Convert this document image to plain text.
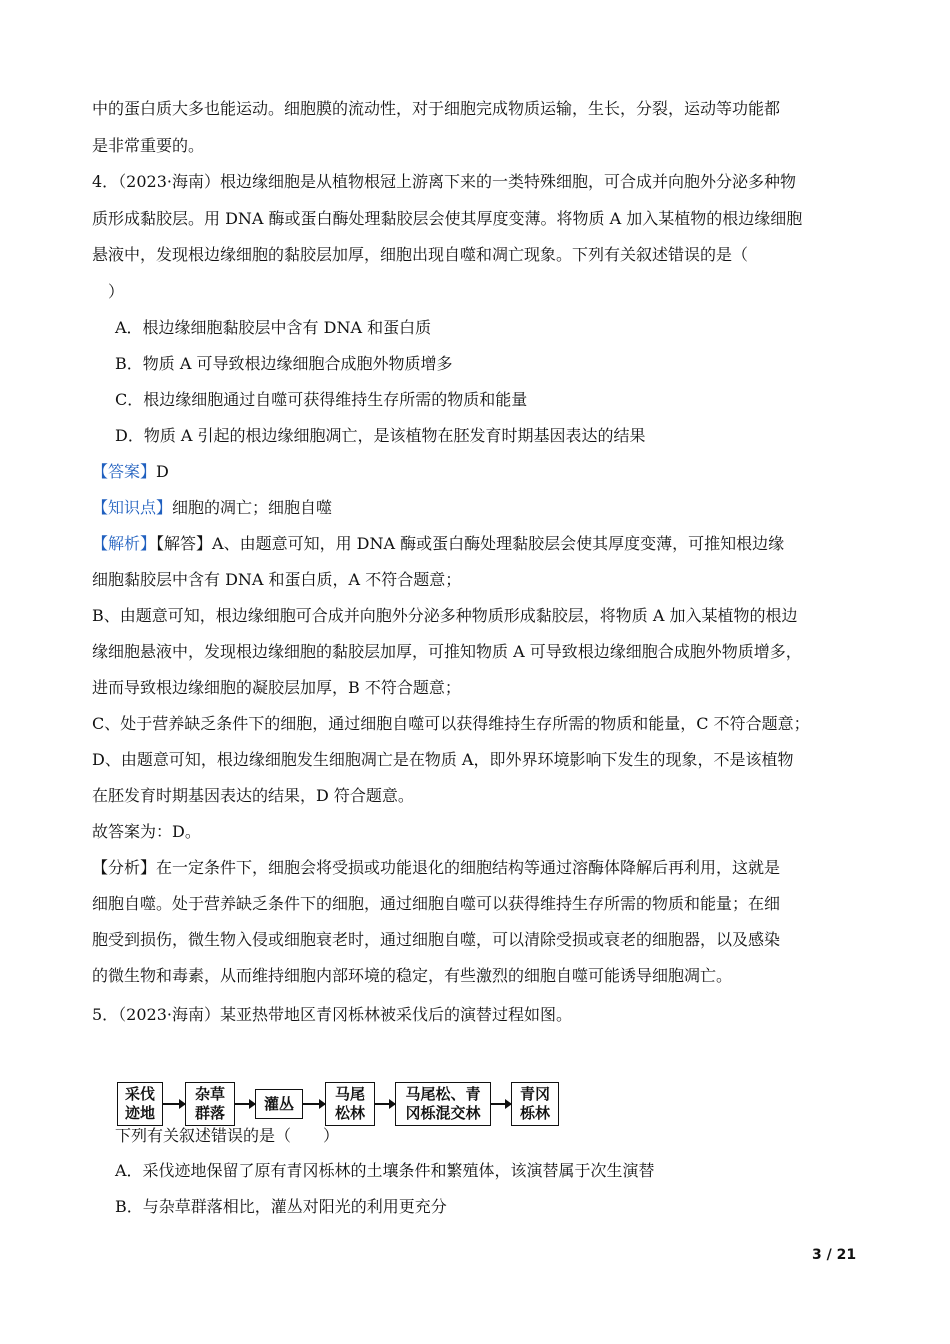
中的蛋白质大多也能运动。细胞膜的流动性，对于细胞完成物质运输，生长，分裂，运动等功能都
是非常重要的。
4．（2023·海南）根边缘细胞是从植物根冠上游离下来的一类特殊细胞，可合成并向胞外分泌多种物
质形成黏胶层。用 DNA 酶或蛋白酶处理黏胶层会使其厚度变薄。将物质 A 加入某植物的根边缘细胞
悬液中，发现根边缘细胞的黏胶层加厚，细胞出现自噬和凋亡现象。下列有关叙述错误的是（
）
A．根边缘细胞黏胶层中含有 DNA 和蛋白质
B．物质 A 可导致根边缘细胞合成胞外物质增多
C．根边缘细胞通过自噬可获得维持生存所需的物质和能量
D．物质 A 引起的根边缘细胞凋亡，是该植物在胚发育时期基因表达的结果
【答案】D
【知识点】细胞的凋亡；细胞自噬
【解析】【解答】A、由题意可知，用 DNA 酶或蛋白酶处理黏胶层会使其厚度变薄，可推知根边缘
细胞黏胶层中含有 DNA 和蛋白质，A 不符合题意；
B、由题意可知，根边缘细胞可合成并向胞外分泌多种物质形成黏胶层，将物质 A 加入某植物的根边
缘细胞悬液中，发现根边缘细胞的黏胶层加厚，可推知物质 A 可导致根边缘细胞合成胞外物质增多，
进而导致根边缘细胞的凝胶层加厚，B 不符合题意；
C、处于营养缺乏条件下的细胞，通过细胞自噬可以获得维持生存所需的物质和能量，C 不符合题意；
D、由题意可知，根边缘细胞发生细胞凋亡是在物质 A，即外界环境影响下发生的现象，不是该植物
在胚发育时期基因表达的结果，D 符合题意。
故答案为：D。
【分析】在一定条件下，细胞会将受损或功能退化的细胞结构等通过溶酶体降解后再利用，这就是
细胞自噬。处于营养缺乏条件下的细胞，通过细胞自噬可以获得维持生存所需的物质和能量；在细
胞受到损伤，微生物入侵或细胞衰老时，通过细胞自噬，可以清除受损或衰老的细胞器，以及感染
的微生物和毒素，从而维持细胞内部环境的稳定，有些激烈的细胞自噬可能诱导细胞凋亡。
5．（2023·海南）某亚热带地区青冈栎林被采伐后的演替过程如图。
采伐
迹地
杂草
群落
灌丛
马尾
松林
马尾松、青
冈栎混交林
青冈
栎林
下列有关叙述错误的是（　　）
A．采伐迹地保留了原有青冈栎林的土壤条件和繁殖体，该演替属于次生演替
B．与杂草群落相比，灌丛对阳光的利用更充分
3 / 21
